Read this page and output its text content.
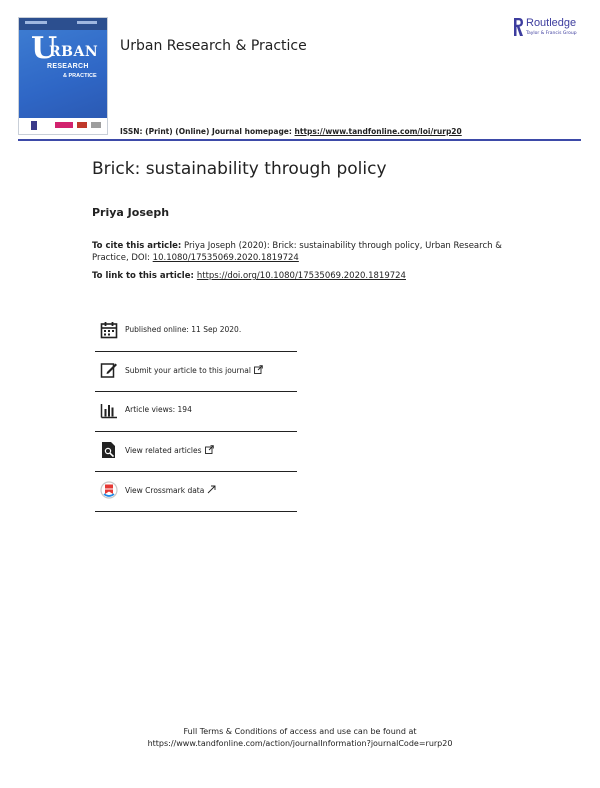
U
RBAN
RESEARCH
& PRACTICE
Urban Research & Practice
ISSN: (Print) (Online) Journal homepage: https://www.tandfonline.com/loi/rurp20
Routledge
Taylor & Francis Group
Brick: sustainability through policy
Priya Joseph
To cite this article: Priya Joseph (2020): Brick: sustainability through policy, Urban Research & Practice, DOI: 10.1080/17535069.2020.1819724
To link to this article: https://doi.org/10.1080/17535069.2020.1819724
Published online: 11 Sep 2020.
Submit your article to this journal
Article views: 194
View related articles
View Crossmark data
Full Terms & Conditions of access and use can be found at
https://www.tandfonline.com/action/journalInformation?journalCode=rurp20
